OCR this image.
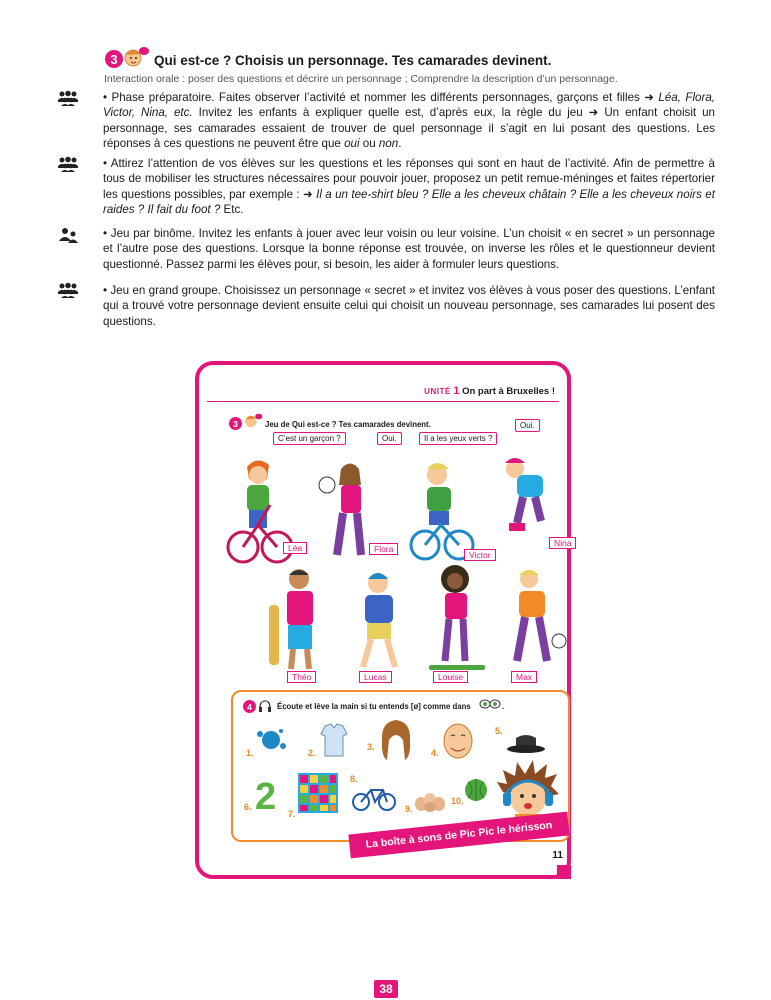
3	Qui est-ce ? Choisis un personnage. Tes camarades devinent.
Interaction orale : poser des questions et décrire un personnage ; Comprendre la description d’un personnage.
• Phase préparatoire. Faites observer l’activité et nommer les différents personnages, garçons et filles ➜ Léa, Flora, Victor, Nina, etc. Invitez les enfants à expliquer quelle est, d’après eux, la règle du jeu ➜ Un enfant choisit un personnage, ses camarades essaient de trouver de quel personnage il s’agit en lui posant des questions. Les réponses à ces questions ne peuvent être que oui ou non.
• Attirez l’attention de vos élèves sur les questions et les réponses qui sont en haut de l’activité. Afin de permettre à tous de mobiliser les structures nécessaires pour pouvoir jouer, proposez un petit remue-méninges et faites répertorier les questions possibles, par exemple : ➜ Il a un tee-shirt bleu ? Elle a les cheveux châtain ? Elle a les cheveux noirs et raides ? Il fait du foot ? Etc.
• Jeu par binôme. Invitez les enfants à jouer avec leur voisin ou leur voisine. L’un choisit « en secret » un personnage et l’autre pose des questions. Lorsque la bonne réponse est trouvée, on inverse les rôles et le questionneur devient questionné. Passez parmi les élèves pour, si besoin, les aider à formuler leurs questions.
• Jeu en grand groupe. Choisissez un personnage « secret » et invitez vos élèves à vous poser des questions. L’enfant qui a trouvé votre personnage devient ensuite celui qui choisit un nouveau personnage, ses camarades lui posent des questions.
UNITÉ 1 On part à Bruxelles !
3	Jeu de Qui est-ce ? Tes camarades devinent.
C’est un garçon ?	Oui.	Il a les yeux verts ?
Oui.
Léa	Flora
Victor
Nina
Théo	Lucas	Louise	Max
4	15 Écoute et lève la main si tu entends [ø] comme dans	.
1.	2.
3.
4.
5.
6. 2 7.
8.
9.
10.
La boîte à sons de Pic Pic le hérisson
11
38
